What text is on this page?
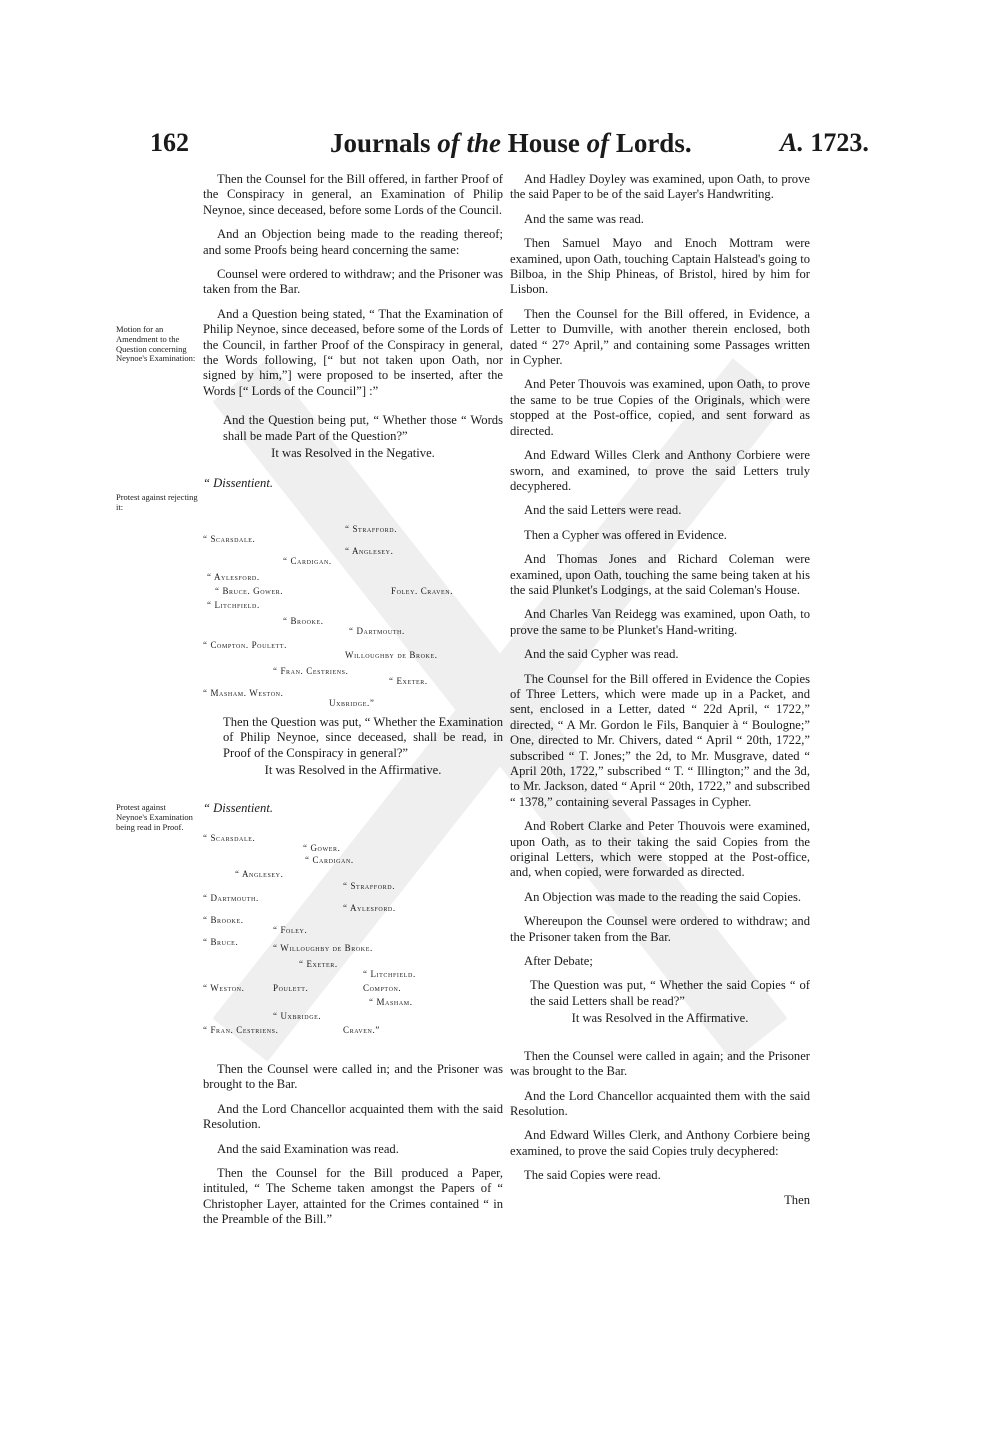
162	Journals of the House of Lords.	A. 1723.
Motion for an Amendment to the Question concerning Neynoe's Examination:
Protest against rejecting it:
Protest against Neynoe's Examination being read in Proof.

Then the Counsel for the Bill offered, in farther Proof of the Conspiracy in general, an Examination of Philip Neynoe, since deceased, before some Lords of the Council.

And an Objection being made to the reading thereof; and some Proofs being heard concerning the same:

Counsel were ordered to withdraw; and the Prisoner was taken from the Bar.

And a Question being stated, “ That the Examination of Philip Neynoe, since deceased, before some of the Lords of the Council, in farther Proof of the Conspiracy in general, the Words following, [“ but not taken upon Oath, nor signed by him,”] were proposed to be inserted, after the Words [“ Lords of the Council”] :”

And the Question being put, “ Whether those “ Words shall be made Part of the Question?”

It was Resolved in the Negative.

“ Dissentient.

“ Strafford.
“ Scarsdale.
“ Anglesey.
“ Cardigan.
“ Aylesford.
“ Bruce. Gower.	Foley. Craven.
“ Litchfield.
“ Brooke.
“ Dartmouth.
“ Compton. Poulett.
Willoughby de Broke.
“ Fran. Cestriens.
“ Exeter.
“ Masham. Weston.
Uxbridge.”

Then the Question was put, “ Whether the Examination of Philip Neynoe, since deceased, shall be read, in Proof of the Conspiracy in general?”

It was Resolved in the Affirmative.

“ Dissentient.

“ Scarsdale.
“ Gower.
“ Cardigan.
“ Anglesey.
“ Strafford.
“ Dartmouth.
“ Aylesford.
“ Brooke.
“ Foley.
“ Bruce.
“ Willoughby de Broke.
“ Exeter.
“ Litchfield.
“ Weston.	Poulett.	Compton.
“ Masham.
“ Uxbridge.
“ Fran. Cestriens.	Craven.”

Then the Counsel were called in; and the Prisoner was brought to the Bar.

And the Lord Chancellor acquainted them with the said Resolution.

And the said Examination was read.

Then the Counsel for the Bill produced a Paper, intituled, “ The Scheme taken amongst the Papers of “ Christopher Layer, attainted for the Crimes contained “ in the Preamble of the Bill.”

And Hadley Doyley was examined, upon Oath, to prove the said Paper to be of the said Layer's Handwriting.

And the same was read.

Then Samuel Mayo and Enoch Mottram were examined, upon Oath, touching Captain Halstead's going to Bilboa, in the Ship Phineas, of Bristol, hired by him for Lisbon.

Then the Counsel for the Bill offered, in Evidence, a Letter to Dumville, with another therein enclosed, both dated “ 27° April,” and containing some Passages written in Cypher.

And Peter Thouvois was examined, upon Oath, to prove the same to be true Copies of the Originals, which were stopped at the Post-office, copied, and sent forward as directed.

And Edward Willes Clerk and Anthony Corbiere were sworn, and examined, to prove the said Letters truly decyphered.

And the said Letters were read.

Then a Cypher was offered in Evidence.

And Thomas Jones and Richard Coleman were examined, upon Oath, touching the same being taken at his the said Plunket's Lodgings, at the said Coleman's House.

And Charles Van Reidegg was examined, upon Oath, to prove the same to be Plunket's Hand-writing.

And the said Cypher was read.

The Counsel for the Bill offered in Evidence the Copies of Three Letters, which were made up in a Packet, and sent, enclosed in a Letter, dated “ 22d April, “ 1722,” directed, “ A Mr. Gordon le Fils, Banquier à “ Boulogne;” One, directed to Mr. Chivers, dated “ April “ 20th, 1722,” subscribed “ T. Jones;” the 2d, to Mr. Musgrave, dated “ April 20th, 1722,” subscribed “ T. “ Illington;” and the 3d, to Mr. Jackson, dated “ April “ 20th, 1722,” and subscribed “ 1378,” containing several Passages in Cypher.

And Robert Clarke and Peter Thouvois were examined, upon Oath, as to their taking the said Copies from the original Letters, which were stopped at the Post-office, and, when copied, were forwarded as directed.

An Objection was made to the reading the said Copies.

Whereupon the Counsel were ordered to withdraw; and the Prisoner taken from the Bar.

After Debate;

The Question was put, “ Whether the said Copies “ of the said Letters shall be read?”

It was Resolved in the Affirmative.

Then the Counsel were called in again; and the Prisoner was brought to the Bar.

And the Lord Chancellor acquainted them with the said Resolution.

And Edward Willes Clerk, and Anthony Corbiere being examined, to prove the said Copies truly decyphered:

The said Copies were read.

Then
